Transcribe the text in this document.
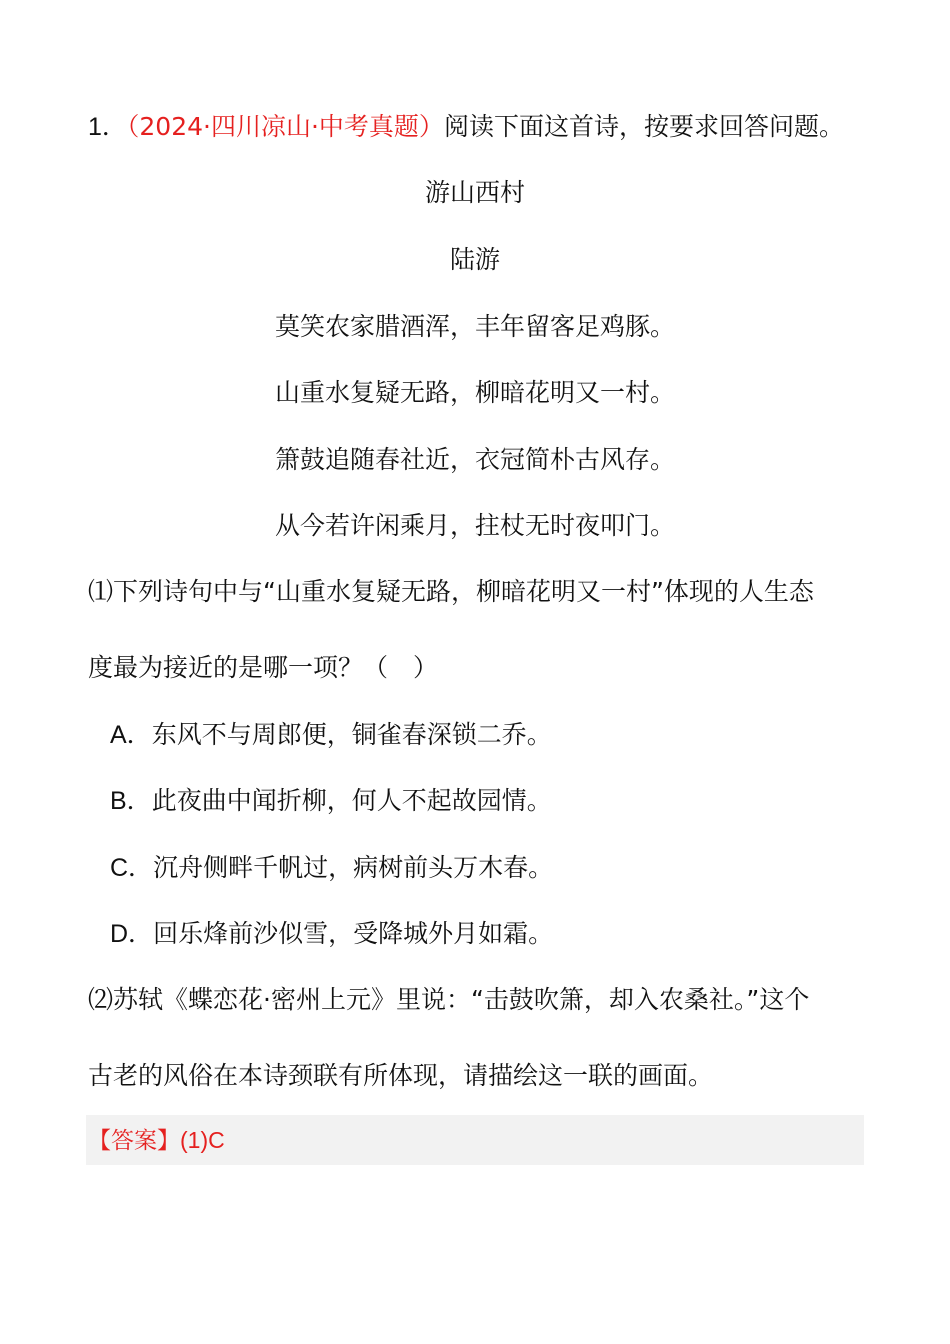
1．（2024·四川凉山·中考真题）阅读下面这首诗，按要求回答问题。
游山西村
陆游
莫笑农家腊酒浑，丰年留客足鸡豚。
山重水复疑无路，柳暗花明又一村。
箫鼓追随春社近，衣冠简朴古风存。
从今若许闲乘月，拄杖无时夜叩门。
⑴下列诗句中与“山重水复疑无路，柳暗花明又一村”体现的人生态
度最为接近的是哪一项？（　）
A．东风不与周郎便，铜雀春深锁二乔。
B．此夜曲中闻折柳，何人不起故园情。
C．沉舟侧畔千帆过，病树前头万木春。
D．回乐烽前沙似雪，受降城外月如霜。
⑵苏轼《蝶恋花·密州上元》里说：“击鼓吹箫，却入农桑社。”这个
古老的风俗在本诗颈联有所体现，请描绘这一联的画面。
【答案】(1)C
